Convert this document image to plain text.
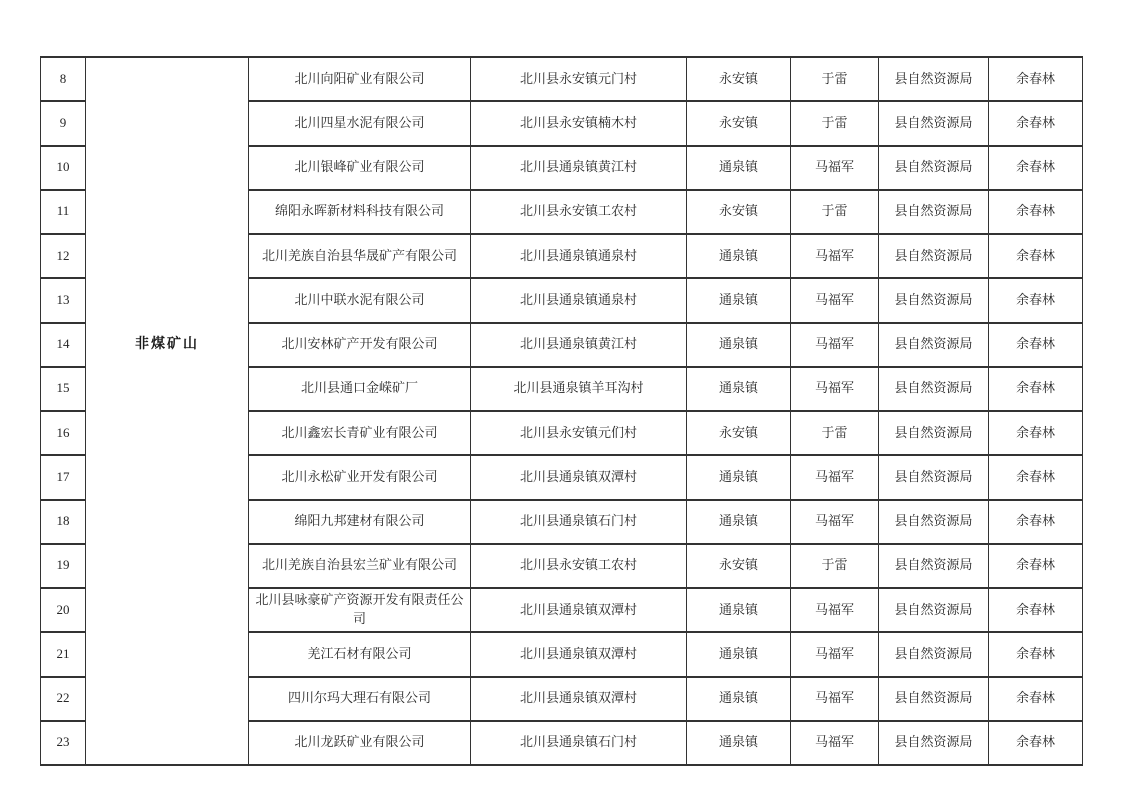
8	非煤矿山	北川向阳矿业有限公司	北川县永安镇元门村	永安镇	于雷	县自然资源局	余春林
9		北川四星水泥有限公司	北川县永安镇楠木村	永安镇	于雷	县自然资源局	余春林
10		北川银峰矿业有限公司	北川县通泉镇黄江村	通泉镇	马福军	县自然资源局	余春林
11		绵阳永晖新材料科技有限公司	北川县永安镇工农村	永安镇	于雷	县自然资源局	余春林
12		北川羌族自治县华晟矿产有限公司	北川县通泉镇通泉村	通泉镇	马福军	县自然资源局	余春林
13		北川中联水泥有限公司	北川县通泉镇通泉村	通泉镇	马福军	县自然资源局	余春林
14		北川安林矿产开发有限公司	北川县通泉镇黄江村	通泉镇	马福军	县自然资源局	余春林
15		北川县通口金嵘矿厂	北川县通泉镇羊耳沟村	通泉镇	马福军	县自然资源局	余春林
16		北川鑫宏长青矿业有限公司	北川县永安镇元们村	永安镇	于雷	县自然资源局	余春林
17		北川永松矿业开发有限公司	北川县通泉镇双潭村	通泉镇	马福军	县自然资源局	余春林
18		绵阳九邦建材有限公司	北川县通泉镇石门村	通泉镇	马福军	县自然资源局	余春林
19		北川羌族自治县宏兰矿业有限公司	北川县永安镇工农村	永安镇	于雷	县自然资源局	余春林
20		北川县咏豪矿产资源开发有限责任公司	北川县通泉镇双潭村	通泉镇	马福军	县自然资源局	余春林
21		羌江石材有限公司	北川县通泉镇双潭村	通泉镇	马福军	县自然资源局	余春林
22		四川尔玛大理石有限公司	北川县通泉镇双潭村	通泉镇	马福军	县自然资源局	余春林
23		北川龙跃矿业有限公司	北川县通泉镇石门村	通泉镇	马福军	县自然资源局	余春林
